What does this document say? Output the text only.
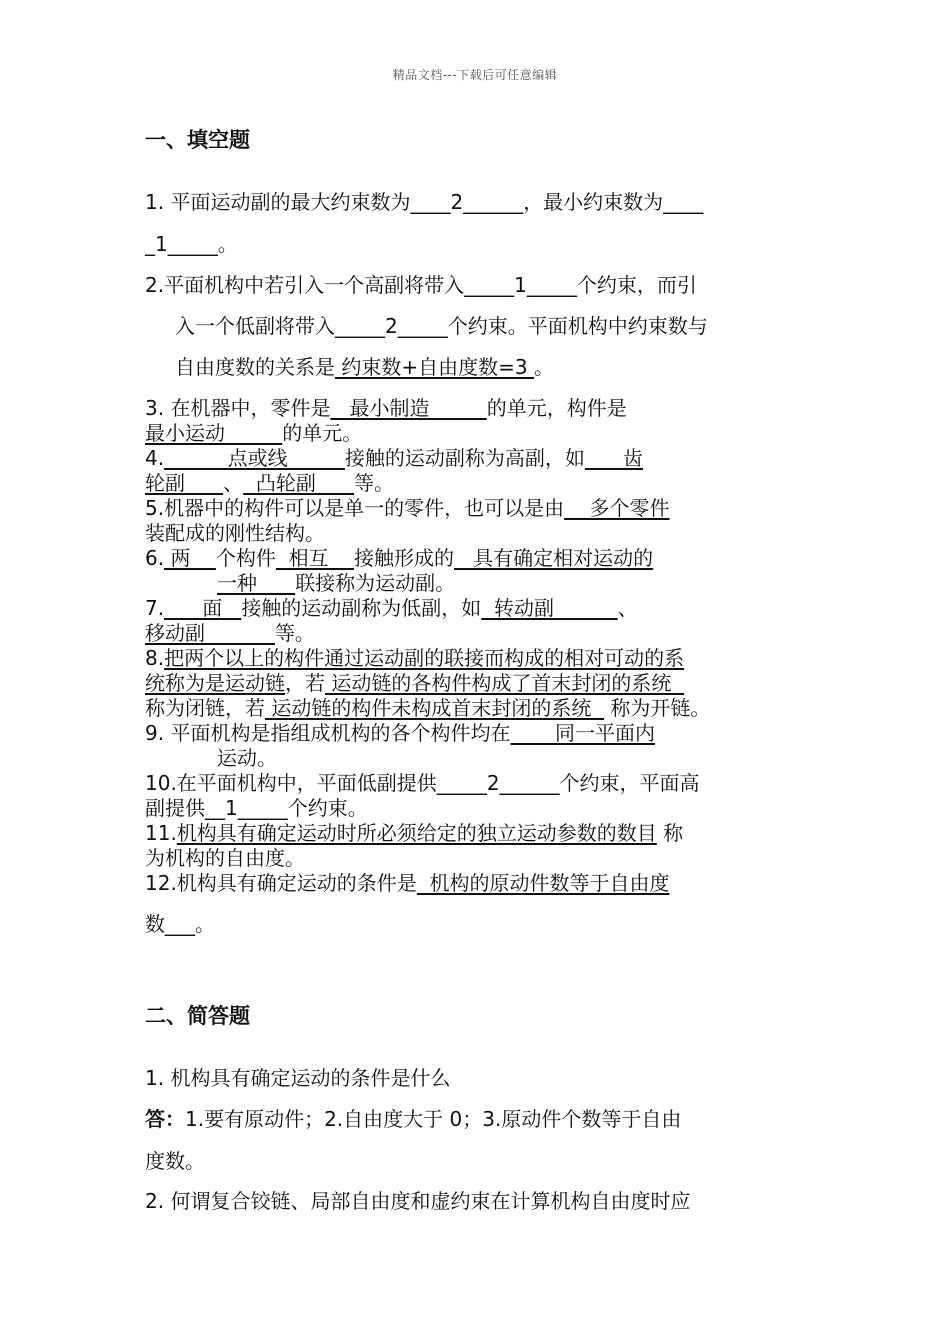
精品文档---下载后可任意编辑
一、填空题
1. 平面运动副的最大约束数为____2______，最小约束数为____
_1_____。
2.平面机构中若引入一个高副将带入_____1_____个约束，而引
入一个低副将带入_____2_____个约束。平面机构中约束数与
自由度数的关系是 约束数+自由度数=3 。
3. 在机器中，零件是   最小制造         的单元，构件是
最小运动         的单元。
4.          点或线         接触的运动副称为高副，如      齿
轮副      、  凸轮副      等。
5.机器中的构件可以是单一的零件，也可以是由    多个零件
装配成的刚性结构。
6. 两    个构件  相互    接触形成的   具有确定相对运动的
一种      联接称为运动副。
7.      面   接触的运动副称为低副，如  转动副          、
移动副           等。
8.把两个以上的构件通过运动副的联接而构成的相对可动的系
统称为是运动链，若 运动链的各构件构成了首末封闭的系统
称为闭链，若 运动链的构件未构成首末封闭的系统   称为开链。
9. 平面机构是指组成机构的各个构件均在       同一平面内
运动。
10.在平面机构中，平面低副提供_____2______个约束，平面高
副提供__1_____个约束。
11.机构具有确定运动时所必须给定的独立运动参数的数目 称
为机构的自由度。
12.机构具有确定运动的条件是  机构的原动件数等于自由度
数___。
二、简答题
1. 机构具有确定运动的条件是什么
答：1.要有原动件；2.自由度大于 0；3.原动件个数等于自由
度数。
2. 何谓复合铰链、局部自由度和虚约束在计算机构自由度时应
